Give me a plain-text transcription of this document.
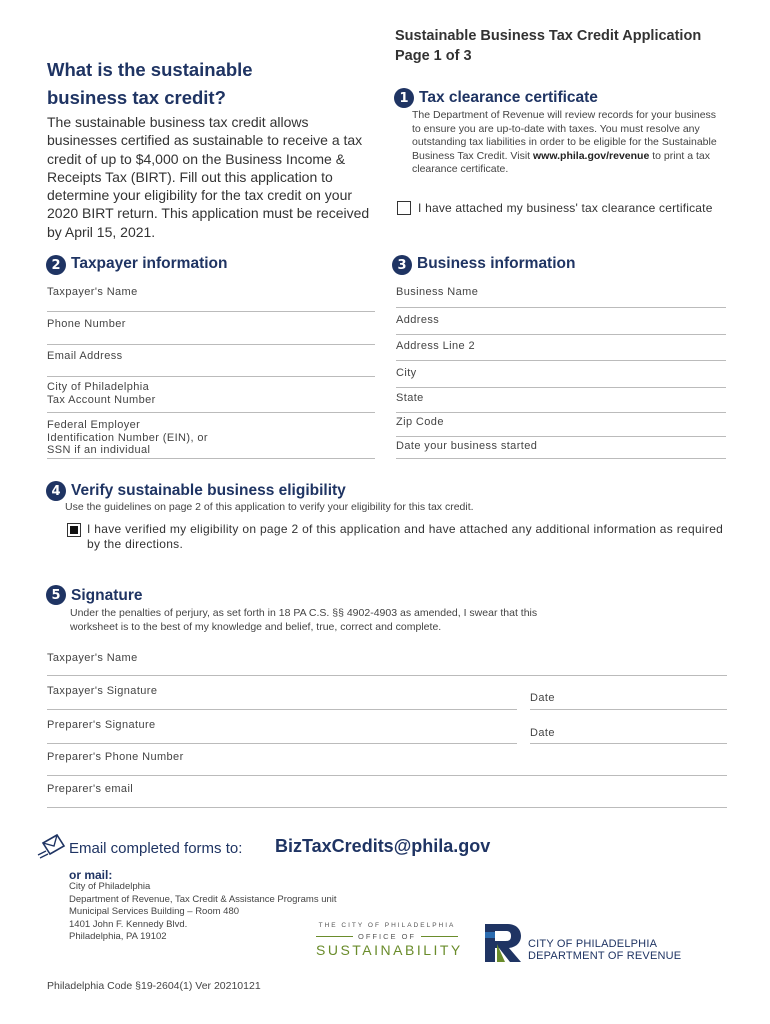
Sustainable Business Tax Credit Application
Page 1 of 3
What is the sustainable
business tax credit?
The sustainable business tax credit allows businesses certified as sustainable to receive a tax credit of up to $4,000 on the Business Income & Receipts Tax (BIRT). Fill out this application to determine your eligibility for the tax credit on your 2020 BIRT return. This application must be received by April 15, 2021.
1 Tax clearance certificate
The Department of Revenue will review records for your business to ensure you are up-to-date with taxes. You must resolve any outstanding tax liabilities in order to be eligible for the Sustainable Business Tax Credit. Visit www.phila.gov/revenue to print a tax clearance certificate.
I have attached my business' tax clearance certificate
2 Taxpayer information
Taxpayer's Name
Phone Number
Email Address
City of Philadelphia
Tax Account Number
Federal Employer
Identification Number (EIN), or
SSN if an individual
3 Business information
Business Name
Address
Address Line 2
City
State
Zip Code
Date your business started
4 Verify sustainable business eligibility
Use the guidelines on page 2 of this application to verify your eligibility for this tax credit.
I have verified my eligibility on page 2 of this application and have attached any additional information as required by the directions.
5 Signature
Under the penalties of perjury, as set forth in 18 PA C.S. §§ 4902-4903 as amended, I swear that this worksheet is to the best of my knowledge and belief, true, correct and complete.
Taxpayer's Name
Taxpayer's Signature
Date
Preparer's Signature
Date
Preparer's Phone Number
Preparer's email
Email completed forms to: BizTaxCredits@phila.gov
or mail:
City of Philadelphia
Department of Revenue, Tax Credit & Assistance Programs unit
Municipal Services Building – Room 480
1401 John F. Kennedy Blvd.
Philadelphia, PA 19102
THE CITY OF PHILADELPHIA
OFFICE OF
SUSTAINABILITY	CITY OF PHILADELPHIA
DEPARTMENT OF REVENUE
Philadelphia Code §19-2604(1) Ver 20210121
